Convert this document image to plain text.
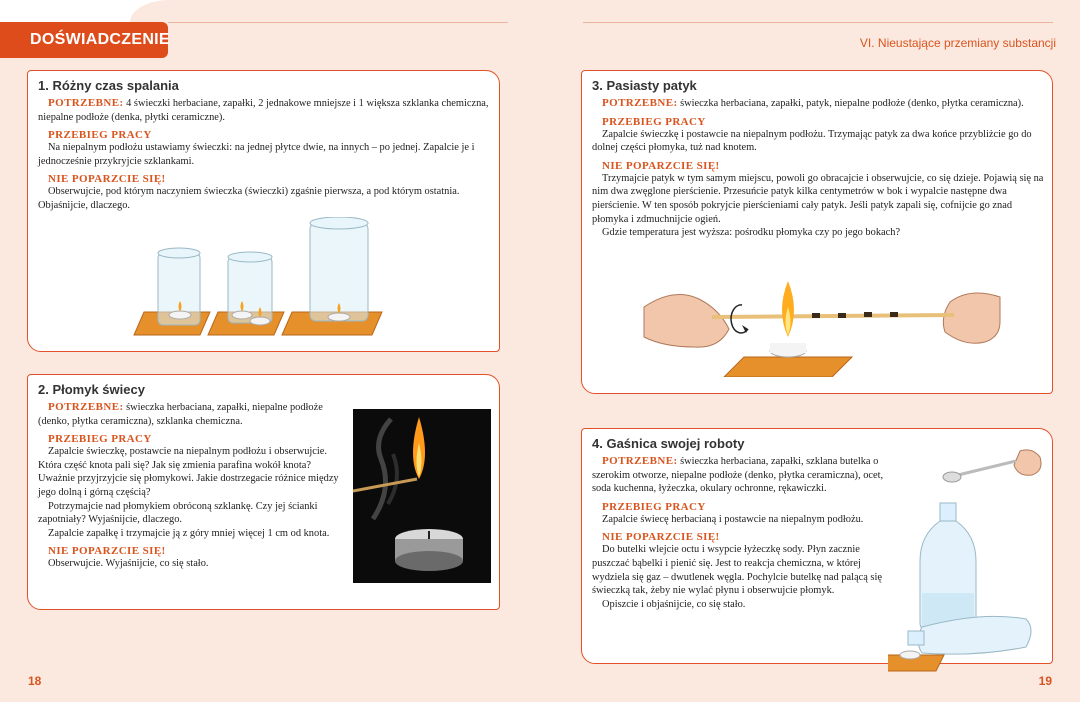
DOŚWIADCZENIE	VI. Nieustające przemiany substancji
1. Różny czas spalania

POTRZEBNE: 4 świeczki herbaciane, zapałki, 2 jednakowe mniejsze i 1 większa szklanka chemiczna, niepalne podłoże (denka, płytki ceramiczne).

PRZEBIEG PRACY

Na niepalnym podłożu ustawiamy świeczki: na jednej płytce dwie, na innych – po jednej. Zapalcie je i jednocześnie przykryjcie szklankami.

NIE POPARZCIE SIĘ!

Obserwujcie, pod którym naczyniem świeczka (świeczki) zgaśnie pierwsza, a pod którym ostatnia. Objaśnijcie, dlaczego.

2. Płomyk świecy

POTRZEBNE: świeczka herbaciana, zapałki, niepalne podłoże (denko, płytka ceramiczna), szklanka chemiczna.

PRZEBIEG PRACY

Zapalcie świeczkę, postawcie na niepalnym podłożu i obserwujcie. Która część knota pali się? Jak się zmienia parafina wokół knota? Uważnie przyjrzyjcie się płomykowi. Jakie dostrzegacie różnice między jego dolną i górną częścią?

Potrzymajcie nad płomykiem obróconą szklankę. Czy jej ścianki zapotniały? Wyjaśnijcie, dlaczego.

Zapalcie zapałkę i trzymajcie ją z góry mniej więcej 1 cm od knota.

NIE POPARZCIE SIĘ!

Obserwujcie. Wyjaśnijcie, co się stało.

3. Pasiasty patyk

POTRZEBNE: świeczka herbaciana, zapałki, patyk, niepalne podłoże (denko, płytka ceramiczna).

PRZEBIEG PRACY

Zapalcie świeczkę i postawcie na niepalnym podłożu. Trzymając patyk za dwa końce przybliżcie go do dolnej części płomyka, tuż nad knotem.

NIE POPARZCIE SIĘ!

Trzymajcie patyk w tym samym miejscu, powoli go obracajcie i obserwujcie, co się dzieje. Pojawią się na nim dwa zwęglone pierścienie. Przesuńcie patyk kilka centymetrów w bok i wypalcie następne dwa pierścienie. W ten sposób pokryjcie pierścieniami cały patyk. Jeśli patyk zapali się, cofnijcie go znad płomyka i zdmuchnijcie ogień.

Gdzie temperatura jest wyższa: pośrodku płomyka czy po jego bokach?

4. Gaśnica swojej roboty

POTRZEBNE: świeczka herbaciana, zapałki, szklana butelka o szerokim otworze, niepalne podłoże (denko, płytka ceramiczna), ocet, soda kuchenna, łyżeczka, okulary ochronne, rękawiczki.

PRZEBIEG PRACY

Zapalcie świecę herbacianą i postawcie na niepalnym podłożu.

NIE POPARZCIE SIĘ!

Do butelki wlejcie octu i wsypcie łyżeczkę sody. Płyn zacznie puszczać bąbelki i pienić się. Jest to reakcja chemiczna, w której wydziela się gaz – dwutlenek węgla. Pochylcie butelkę nad palącą się świeczką tak, żeby nie wylać płynu i obserwujcie płomyk.

Opiszcie i objaśnijcie, co się stało.

18	19
